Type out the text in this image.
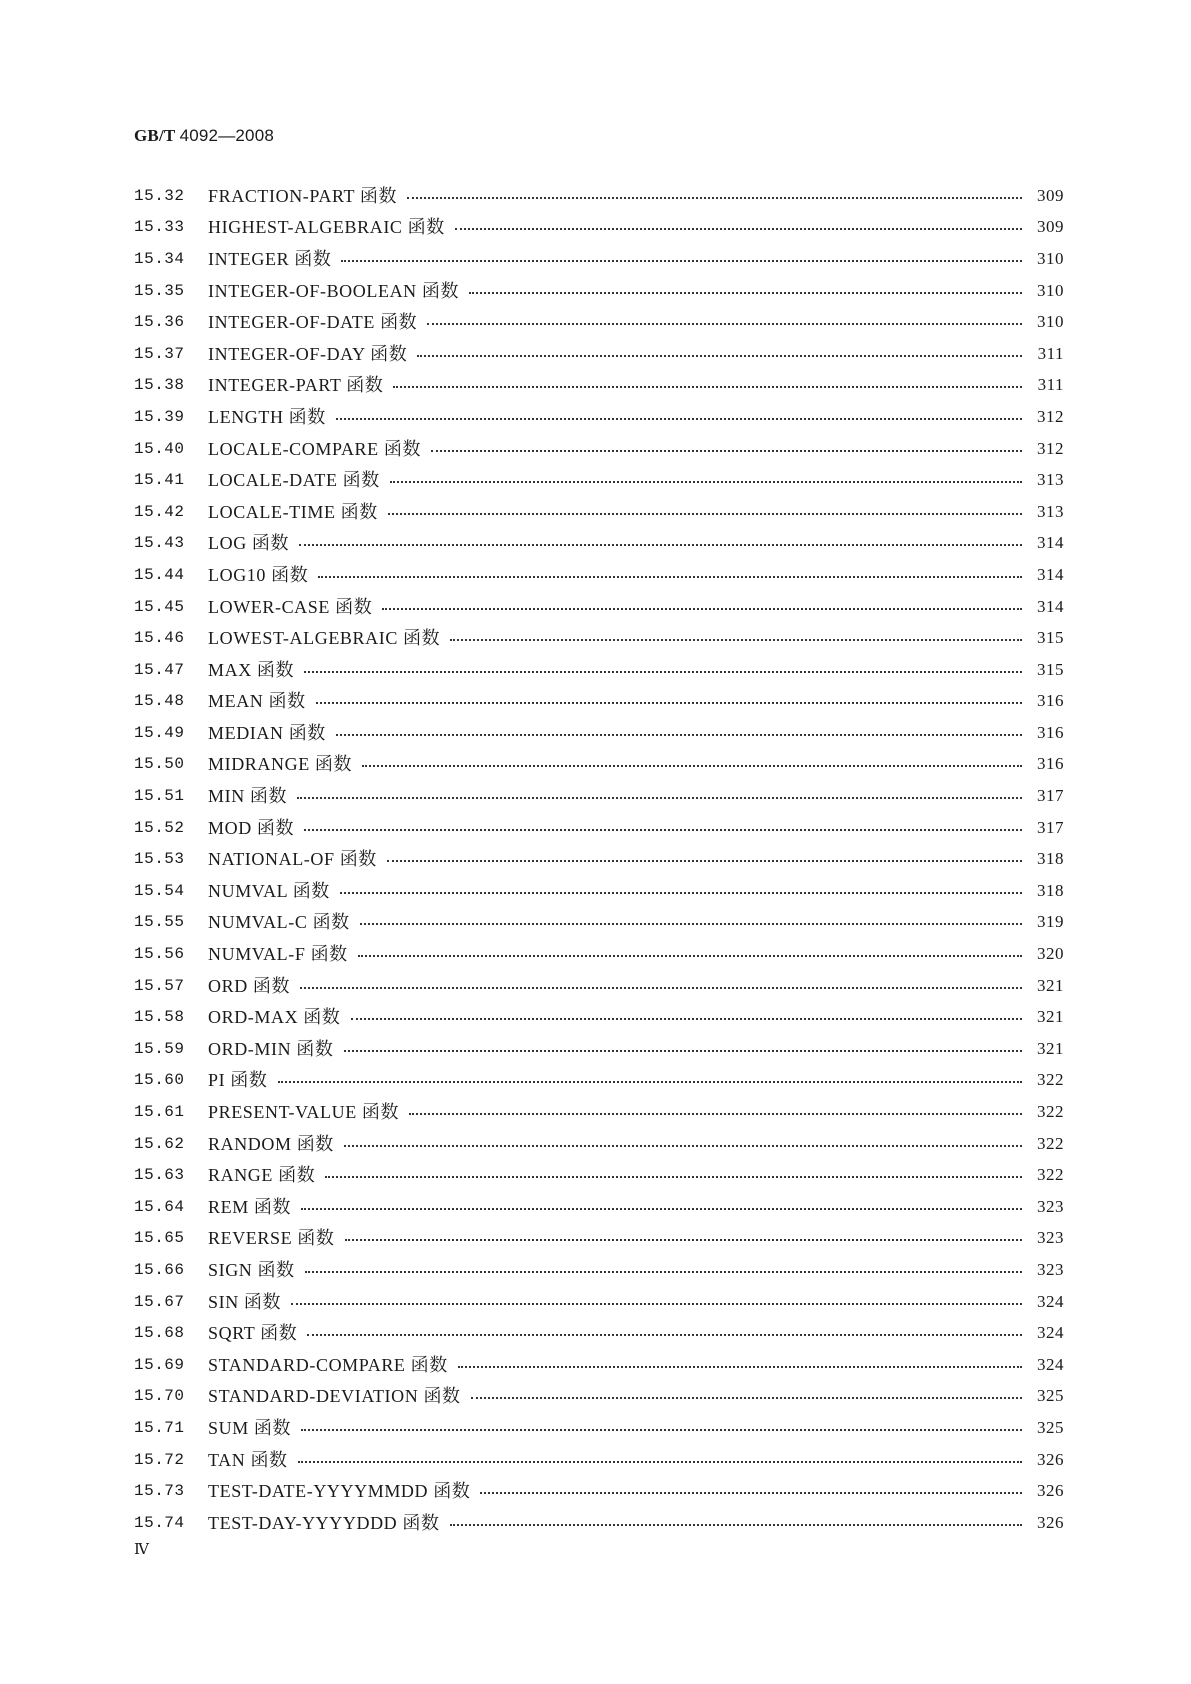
GB/T 4092—2008
15.32	FRACTION-PART 函数	309
15.33	HIGHEST-ALGEBRAIC 函数	309
15.34	INTEGER 函数	310
15.35	INTEGER-OF-BOOLEAN 函数	310
15.36	INTEGER-OF-DATE 函数	310
15.37	INTEGER-OF-DAY 函数	311
15.38	INTEGER-PART 函数	311
15.39	LENGTH 函数	312
15.40	LOCALE-COMPARE 函数	312
15.41	LOCALE-DATE 函数	313
15.42	LOCALE-TIME 函数	313
15.43	LOG 函数	314
15.44	LOG10 函数	314
15.45	LOWER-CASE 函数	314
15.46	LOWEST-ALGEBRAIC 函数	315
15.47	MAX 函数	315
15.48	MEAN 函数	316
15.49	MEDIAN 函数	316
15.50	MIDRANGE 函数	316
15.51	MIN 函数	317
15.52	MOD 函数	317
15.53	NATIONAL-OF 函数	318
15.54	NUMVAL 函数	318
15.55	NUMVAL-C 函数	319
15.56	NUMVAL-F 函数	320
15.57	ORD 函数	321
15.58	ORD-MAX 函数	321
15.59	ORD-MIN 函数	321
15.60	PI 函数	322
15.61	PRESENT-VALUE 函数	322
15.62	RANDOM 函数	322
15.63	RANGE 函数	322
15.64	REM 函数	323
15.65	REVERSE 函数	323
15.66	SIGN 函数	323
15.67	SIN 函数	324
15.68	SQRT 函数	324
15.69	STANDARD-COMPARE 函数	324
15.70	STANDARD-DEVIATION 函数	325
15.71	SUM 函数	325
15.72	TAN 函数	326
15.73	TEST-DATE-YYYYMMDD 函数	326
15.74	TEST-DAY-YYYYDDD 函数	326
Ⅳ
